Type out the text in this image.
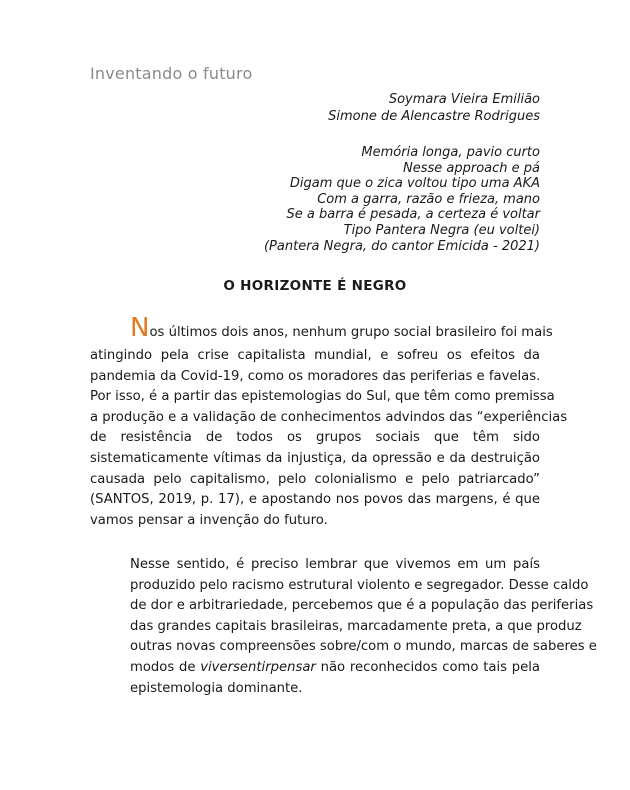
Inventando o futuro
Soymara Vieira Emilião
Simone de Alencastre Rodrigues
Memória longa, pavio curto
Nesse approach e pá
Digam que o zica voltou tipo uma AKA
Com a garra, razão e frieza, mano
Se a barra é pesada, a certeza é voltar
Tipo Pantera Negra (eu voltei)
(Pantera Negra, do cantor Emicida - 2021)
O HORIZONTE É NEGRO
Nos últimos dois anos, nenhum grupo social brasileiro foi mais
atingindo pela crise capitalista mundial, e sofreu os efeitos da
pandemia da Covid-19, como os moradores das periferias e favelas.
Por isso, é a partir das epistemologias do Sul, que têm como premissa
a produção e a validação de conhecimentos advindos das “experiências
de resistência de todos os grupos sociais que têm sido
sistematicamente vítimas da injustiça, da opressão e da destruição
causada pelo capitalismo, pelo colonialismo e pelo patriarcado”
(SANTOS, 2019, p. 17), e apostando nos povos das margens, é que
vamos pensar a invenção do futuro.
Nesse sentido, é preciso lembrar que vivemos em um país
produzido pelo racismo estrutural violento e segregador. Desse caldo
de dor e arbitrariedade, percebemos que é a população das periferias
das grandes capitais brasileiras, marcadamente preta, a que produz
outras novas compreensões sobre/com o mundo, marcas de saberes e
modos de viversentirpensar não reconhecidos como tais pela
epistemologia dominante.
